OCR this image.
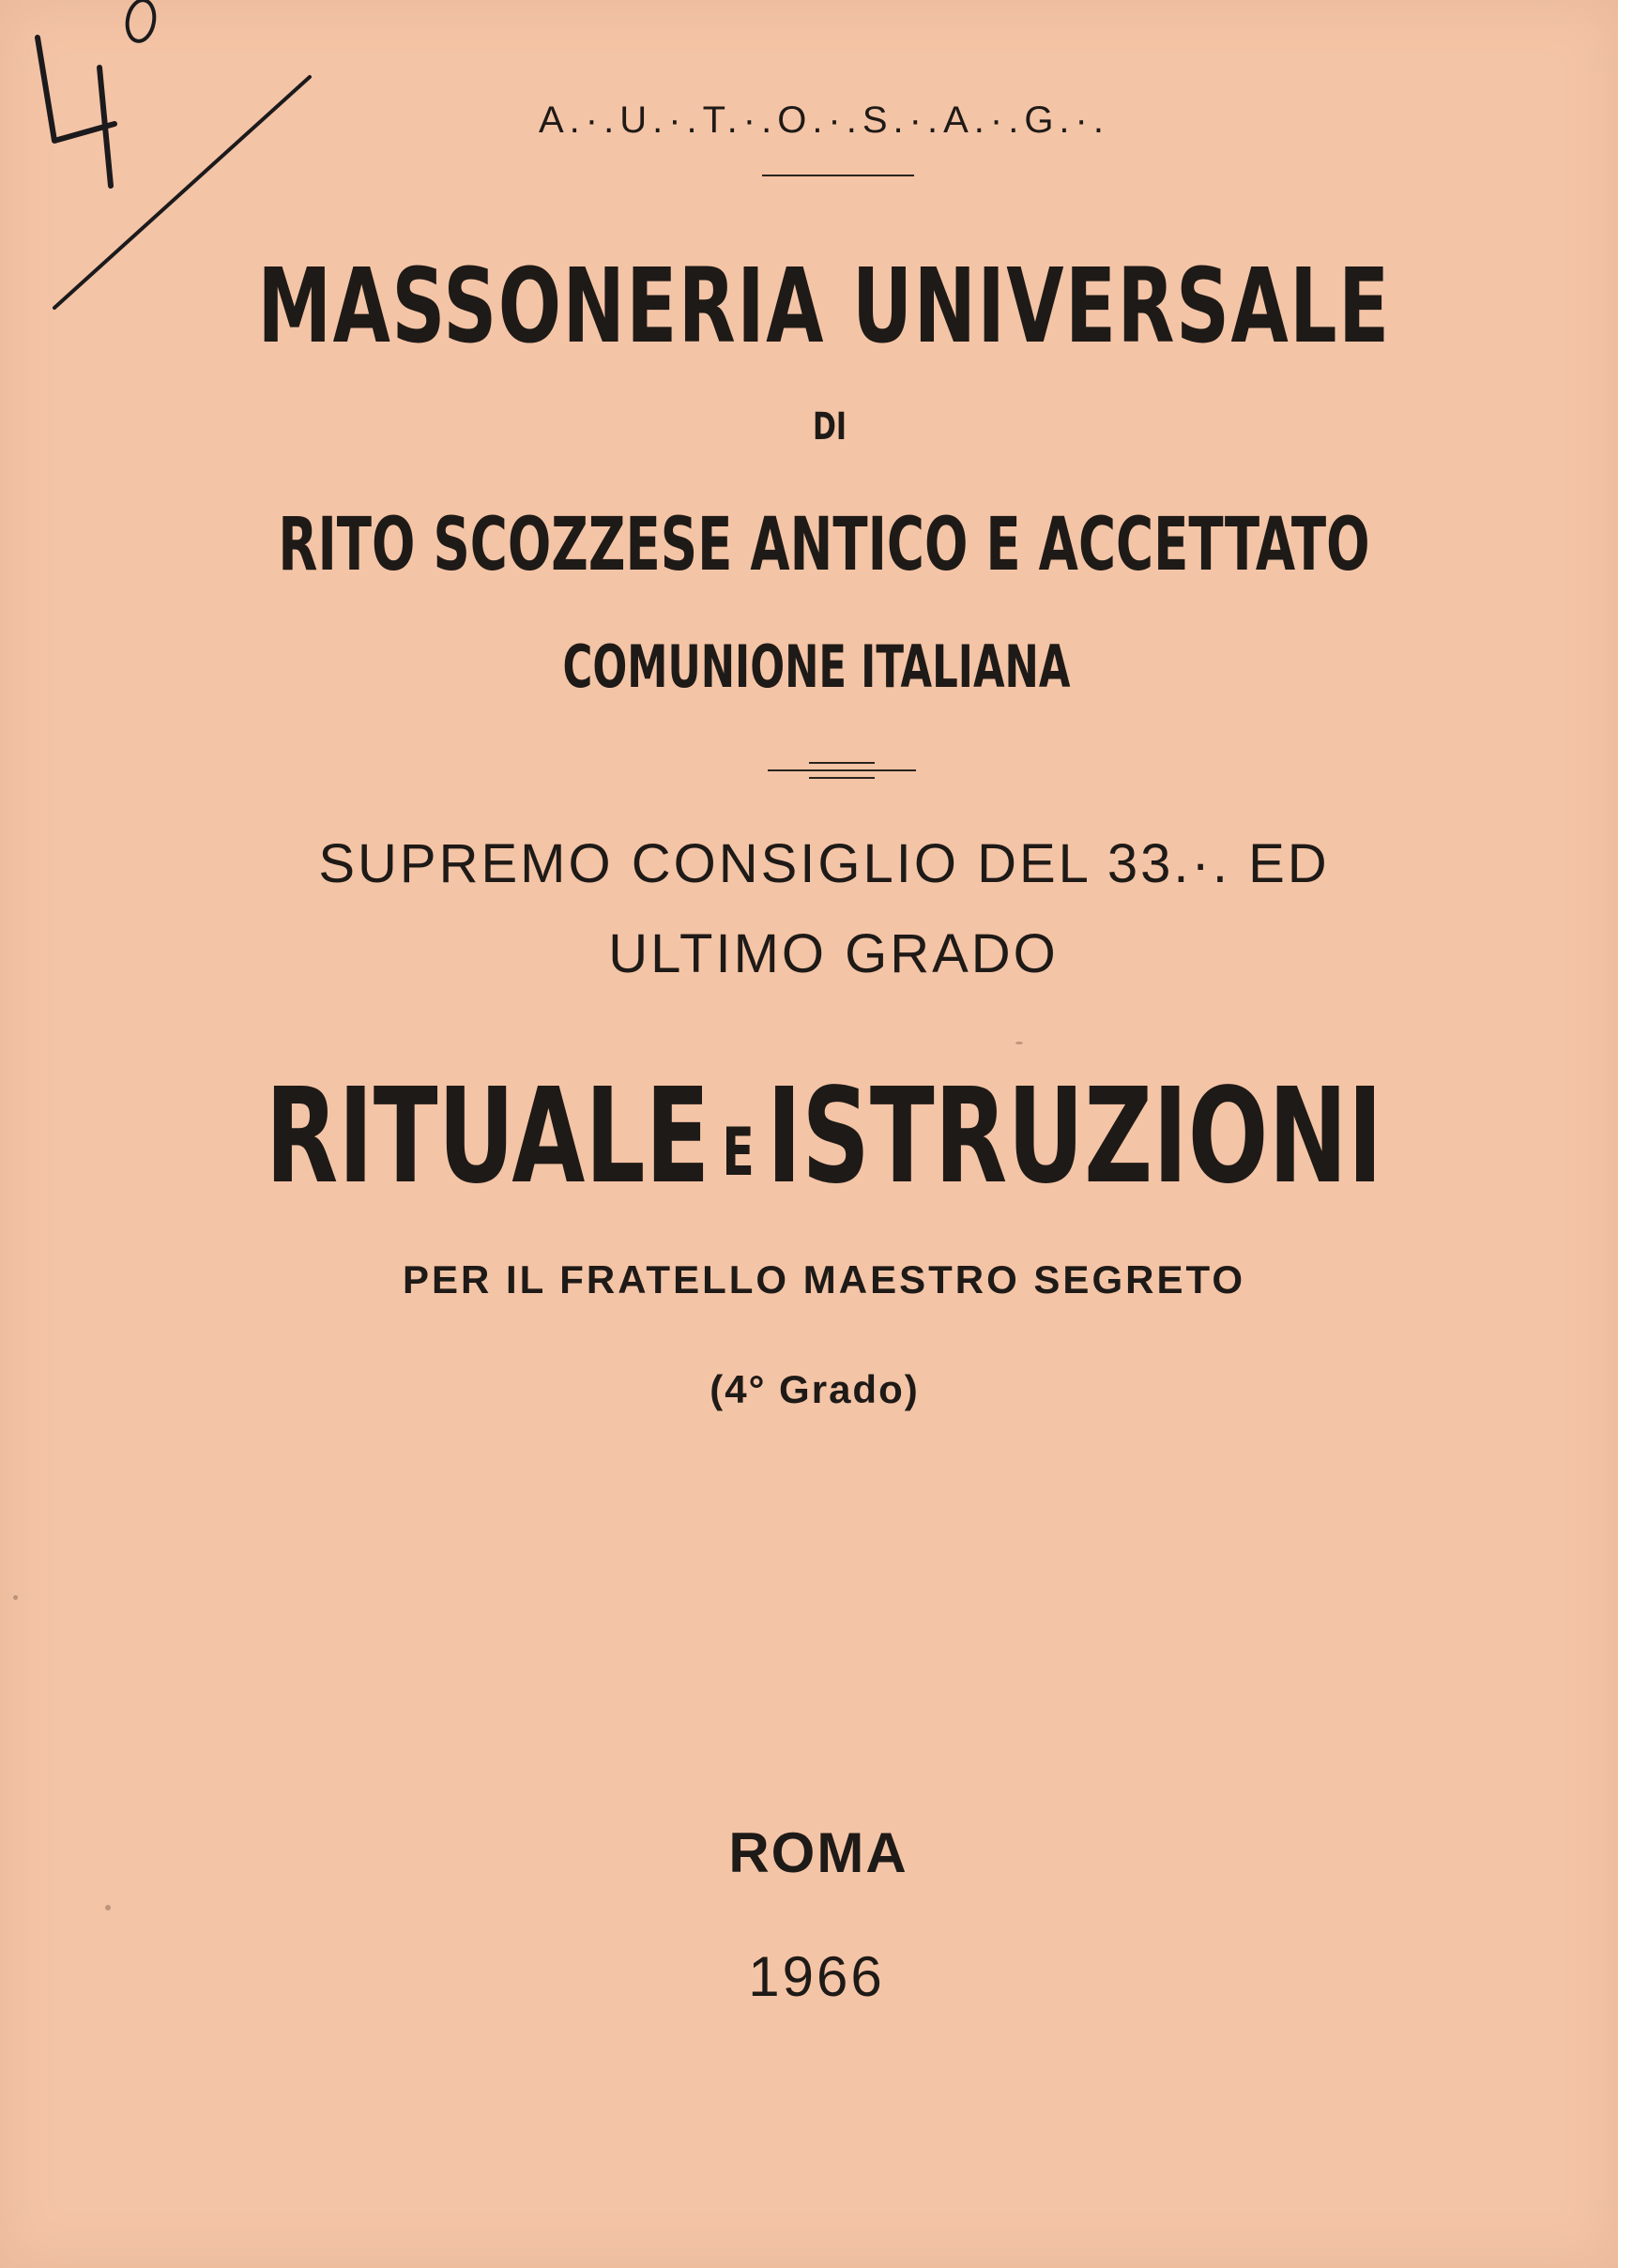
A.·.U.·.T.·.O.·.S.·.A.·.G.·.

MASSONERIA UNIVERSALE

DI

RITO SCOZZESE ANTICO E ACCETTATO

COMUNIONE ITALIANA

SUPREMO CONSIGLIO DEL 33.·. ED

ULTIMO GRADO

RITUALE EISTRUZIONI

PER IL FRATELLO MAESTRO SEGRETO

(4° Grado)

ROMA

1966
